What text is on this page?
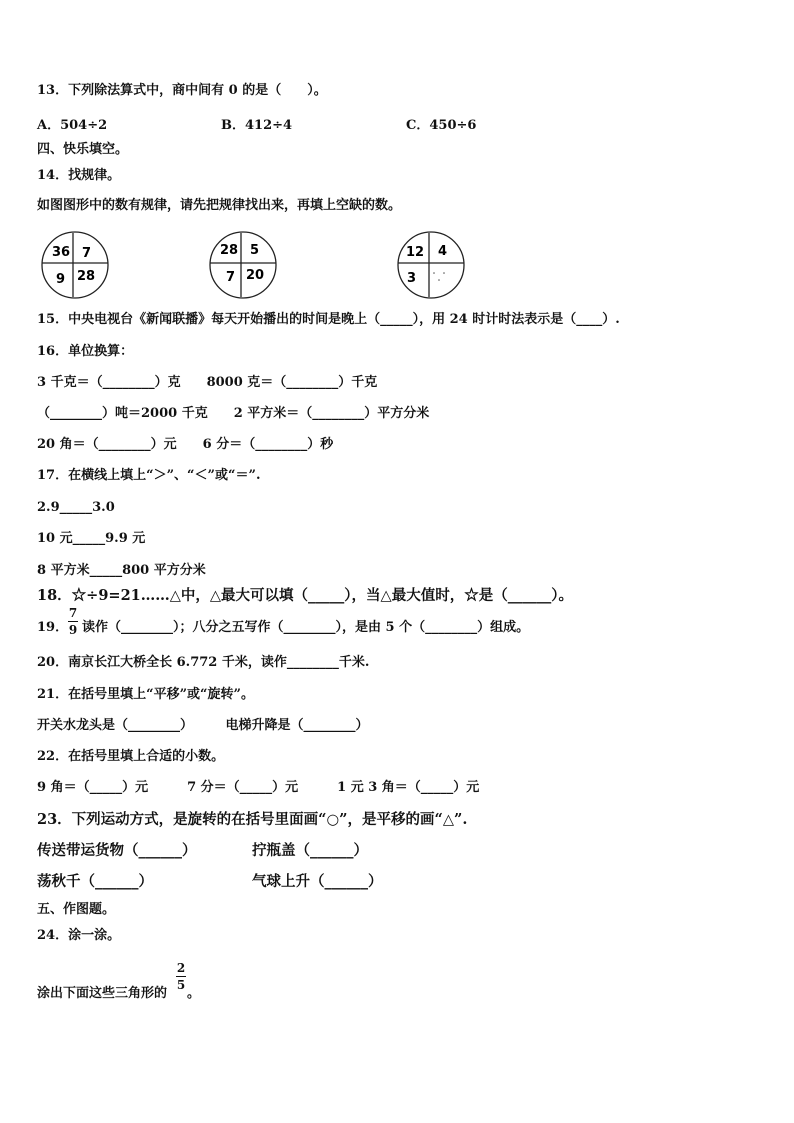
13．下列除法算式中，商中间有 0 的是（　　）。
A．504÷2	B．412÷4	C．450÷6
四、快乐填空。
14．找规律。
如图图形中的数有规律，请先把规律找出来，再填上空缺的数。
36 7
9 28
28 5
7 20
12 4
3
15．中央电视台《新闻联播》每天开始播出的时间是晚上（_____），用 24 时计时法表示是（____）.
16．单位换算：
3 千克＝（________）克　　8000 克＝（________）千克
（________）吨＝2000 千克　　2 平方米＝（________）平方分米
20 角＝（________）元　　6 分＝（________）秒
17．在横线上填上“＞”、“＜”或“＝”.
2.9_____3.0
10 元_____9.9 元
8 平方米_____800 平方分米
18．☆÷9=21……△中，△最大可以填（_____），当△最大值时，☆是（______）。
19．
7
9 读作（________）；八分之五写作（________），是由 5 个（________）组成。
20．南京长江大桥全长 6.772 千米，读作________千米.
21．在括号里填上“平移”或“旋转”。
开关水龙头是（________）　　　电梯升降是（________）
22．在括号里填上合适的小数。
9 角＝（_____）元　　　7 分＝（_____）元　　　1 元 3 角＝（_____）元
23．下列运动方式，是旋转的在括号里面画“○”，是平移的画“△”.
传送带运货物（______）	拧瓶盖（______）
荡秋千（______）	气球上升（______）
五、作图题。
24．涂一涂。
涂出下面这些三角形的
2
5
。
